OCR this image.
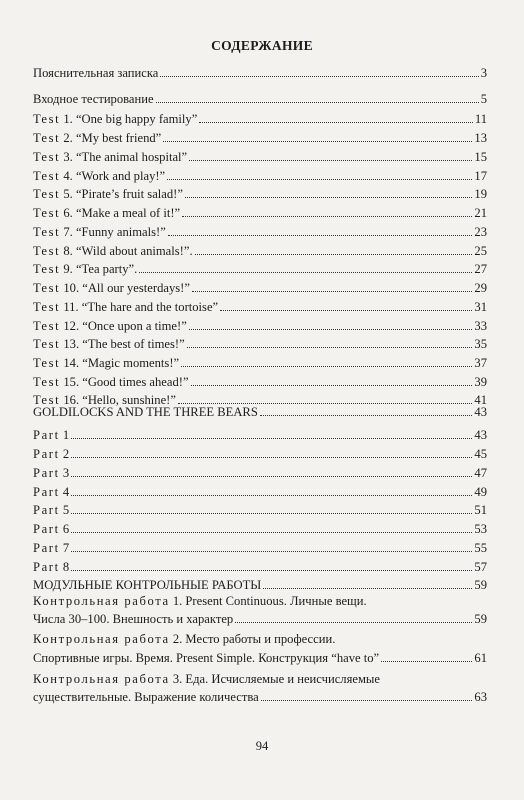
СОДЕРЖАНИЕ
Пояснительная записка	3
Входное тестирование	5
Test 1. “One big happy family”	11
Test 2. “My best friend”	13
Test 3. “The animal hospital”	15
Test 4. “Work and play!”	17
Test 5. “Pirate’s fruit salad!”	19
Test 6. “Make a meal of it!”	21
Test 7. “Funny animals!”	23
Test 8. “Wild about animals!”.	25
Test 9. “Tea party”.	27
Test 10. “All our yesterdays!”	29
Test 11. “The hare and the tortoise”	31
Test 12. “Once upon a time!”	33
Test 13. “The best of times!”	35
Test 14. “Magic moments!”	37
Test 15. “Good times ahead!”	39
Test 16. “Hello, sunshine!”	41
GOLDILOCKS AND THE THREE BEARS	43
Part 1	43
Part 2	45
Part 3	47
Part 4	49
Part 5	51
Part 6	53
Part 7	55
Part 8	57
МОДУЛЬНЫЕ КОНТРОЛЬНЫЕ РАБОТЫ	59
Контрольная работа 1. Present Continuous. Личные вещи.
Числа 30–100. Внешность и характер	59
Контрольная работа 2. Место работы и профессии.
Спортивные игры. Время. Present Simple. Конструкция “have to”	61
Контрольная работа 3. Еда. Исчисляемые и неисчисляемые
существительные. Выражение количества	63
94
